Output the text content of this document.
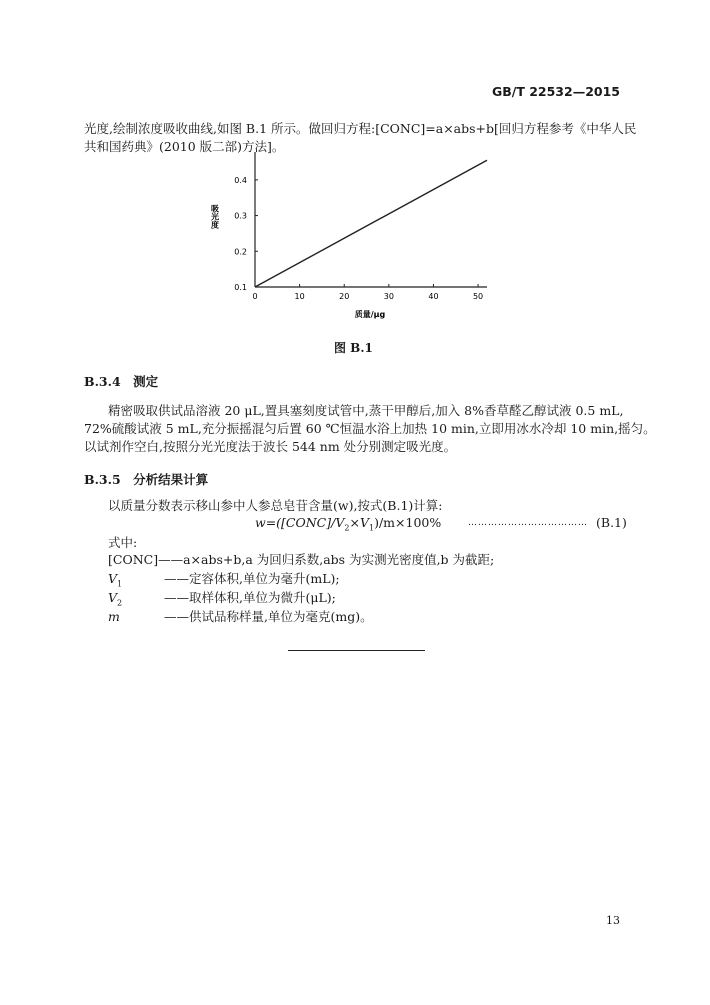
GB/T 22532—2015
光度,绘制浓度吸收曲线,如图 B.1 所示。做回归方程:[CONC]=a×abs+b[回归方程参考《中华人民
共和国药典》(2010 版二部)方法]。
0	10	20	30	40	50
0.1
0.2
0.3
0.4
吸光度
质量/μg
图 B.1
B.3.4　测定
精密吸取供试品溶液 20 μL,置具塞刻度试管中,蒸干甲醇后,加入 8%香草醛乙醇试液 0.5 mL,
72%硫酸试液 5 mL,充分振摇混匀后置 60 ℃恒温水浴上加热 10 min,立即用冰水冷却 10 min,摇匀。
以试剂作空白,按照分光光度法于波长 544 nm 处分别测定吸光度。
B.3.5　分析结果计算
以质量分数表示移山参中人参总皂苷含量(w),按式(B.1)计算:
$w=([CONC]/V_2\times V_1)/m\times 100\%$	……………………………… (B.1)
式中:
[CONC]——a×abs+b,a 为回归系数,abs 为实测光密度值,b 为截距;
$V_1$	——定容体积,单位为毫升(mL);
$V_2$	——取样体积,单位为微升(μL);
m	——供试品称样量,单位为毫克(mg)。
13
